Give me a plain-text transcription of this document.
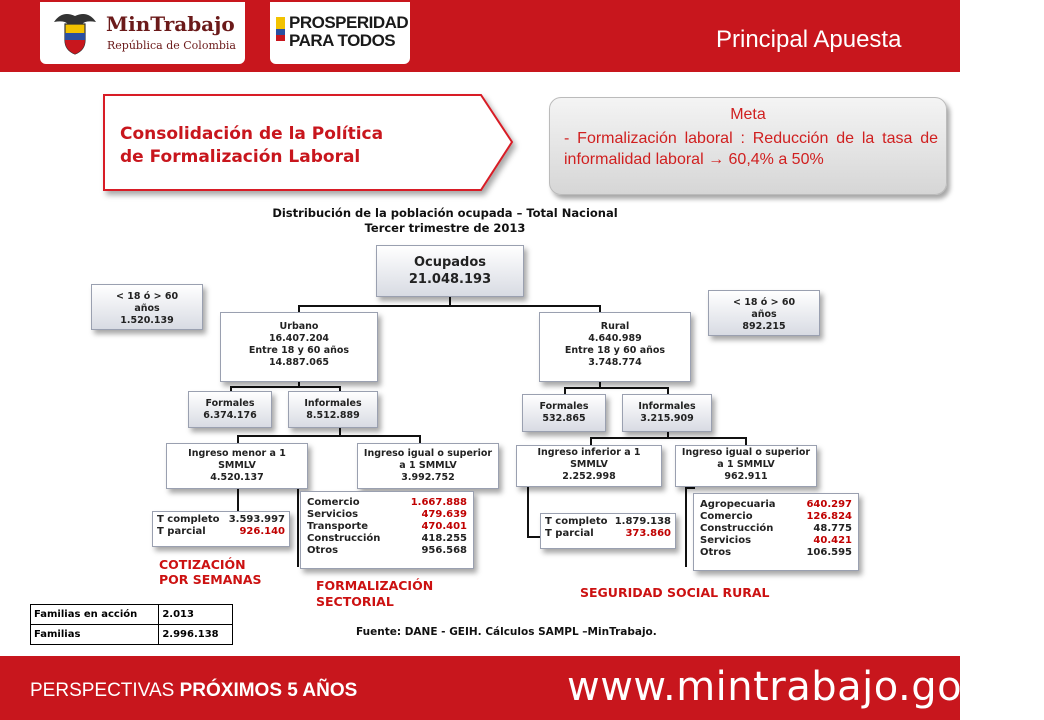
MinTrabajo
República de Colombia
PROSPERIDAD
PARA TODOS	Principal Apuesta
Consolidación de la Política
de Formalización Laboral
Meta
- Formalización laboral : Reducción de la tasa de informalidad laboral → 60,4% a 50%
Distribución de la población ocupada – Total Nacional
Tercer trimestre de 2013
Ocupados
21.048.193
< 18 ó > 60
años
1.520.139
< 18 ó > 60
años
892.215
Urbano
16.407.204
Entre 18 y 60 años
14.887.065
Rural
4.640.989
Entre 18 y 60 años
3.748.774
Formales
6.374.176
Informales
8.512.889
Formales
532.865
Informales
3.215.909
Ingreso menor a 1
SMMLV
4.520.137
Ingreso igual o superior
a 1 SMMLV
3.992.752
Ingreso inferior a 1
SMMLV
2.252.998
Ingreso igual o superior
a 1 SMMLV
962.911
T completo	3.593.997
T parcial	926.140
Comercio	1.667.888
Servicios	479.639
Transporte	470.401
Construcción	418.255
Otros	956.568
T completo	1.879.138
T parcial	373.860
Agropecuaria	640.297
Comercio	126.824
Construcción	48.775
Servicios	40.421
Otros	106.595
COTIZACIÓN
POR SEMANAS	FORMALIZACIÓN
SECTORIAL
SEGURIDAD SOCIAL RURAL
Familias en acción	2.013
Familias	2.996.138	Fuente: DANE - GEIH. Cálculos SAMPL –MinTrabajo.
PERSPECTIVAS PRÓXIMOS 5 AÑOS	www.mintrabajo.gov.co
